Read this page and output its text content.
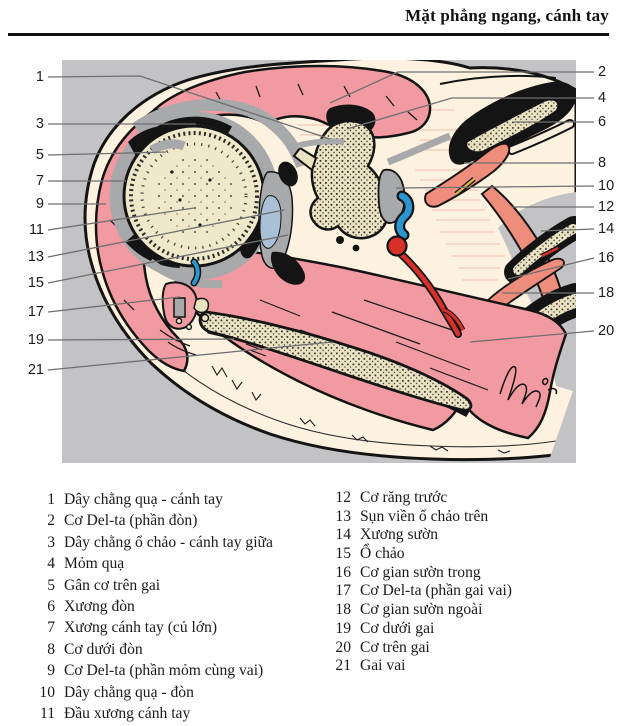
Mặt phẳng ngang, cánh tay
1
3
5
7
9
11
13
15
17
19
21
2
4
6
8
10
12
14
16
18
20
1 Dây chằng quạ - cánh tay
2 Cơ Del-ta (phần đòn)
3 Dây chằng ổ chảo - cánh tay giữa
4 Mỏm quạ
5 Gân cơ trên gai
6 Xương đòn
7 Xương cánh tay (củ lớn)
8 Cơ dưới đòn
9 Cơ Del-ta (phần mỏm cùng vai)
10 Dây chằng quạ - đòn
11 Đầu xương cánh tay
12 Cơ răng trước
13 Sụn viền ổ chảo trên
14 Xương sườn
15 Ổ chảo
16 Cơ gian sườn trong
17 Cơ Del-ta (phần gai vai)
18 Cơ gian sườn ngoài
19 Cơ dưới gai
20 Cơ trên gai
21 Gai vai
